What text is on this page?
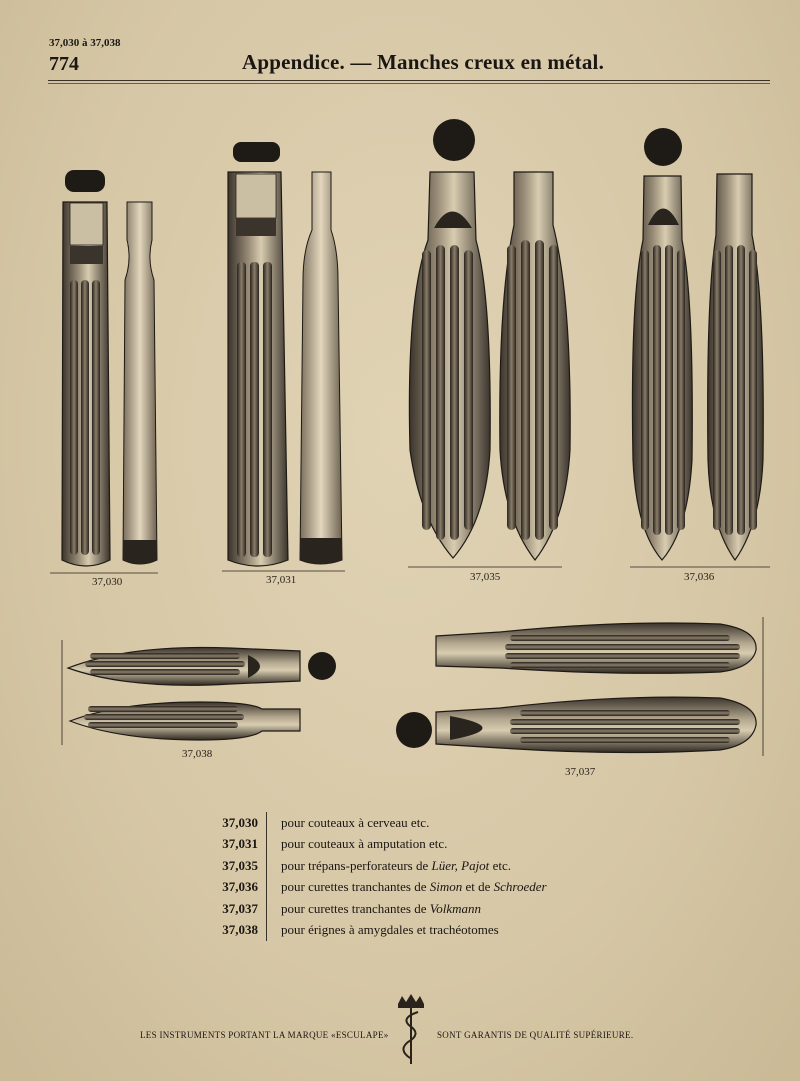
37,030 à 37,038
774	Appendice. — Manches creux en métal.
37,030	37,031	37,035	37,036
37,038
37,037
37,030	pour couteaux à cerveau etc.
37,031	pour couteaux à amputation etc.
37,035	pour trépans-perforateurs de Lüer, Pajot etc.
37,036	pour curettes tranchantes de Simon et de Schroeder
37,037	pour curettes tranchantes de Volkmann
37,038	pour érignes à amygdales et trachéotomes
LES INSTRUMENTS PORTANT LA MARQUE «ESCULAPE»	SONT GARANTIS DE QUALITÉ SUPÉRIEURE.
